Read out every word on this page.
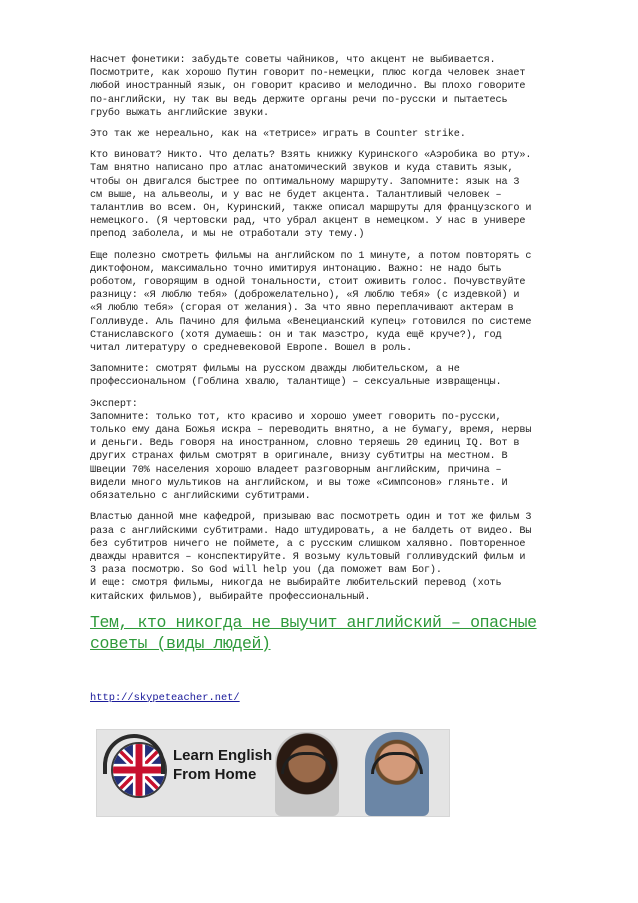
Насчет фонетики: забудьте советы чайников, что акцент не выбивается.
Посмотрите, как хорошо Путин говорит по-немецки, плюс когда человек знает
любой иностранный язык, он говорит красиво и мелодично. Вы плохо говорите
по-английски, ну так вы ведь держите органы речи по-русски и пытаетесь
грубо выжать английские звуки.

Это так же нереально, как на «тетрисе» играть в Counter strike.

Кто виноват? Никто. Что делать? Взять книжку Куринского «Аэробика во рту».
Там внятно написано про атлас анатомический звуков и куда ставить язык,
чтобы он двигался быстрее по оптимальному маршруту. Запомните: язык на 3
см выше, на альвеолы, и у вас не будет акцента. Талантливый человек –
талантлив во всем. Он, Куринский, также описал маршруты для французского и
немецкого. (Я чертовски рад, что убрал акцент в немецком. У нас в универе
препод заболела, и мы не отработали эту тему.)

Еще полезно смотреть фильмы на английском по 1 минуте, а потом повторять с
диктофоном, максимально точно имитируя интонацию. Важно: не надо быть
роботом, говорящим в одной тональности, стоит оживить голос. Почувствуйте
разницу: «Я люблю тебя» (доброжелательно), «Я люблю тебя» (с издевкой) и
«Я люблю тебя» (сгорая от желания). За что явно переплачивают актерам в
Голливуде. Аль Пачино для фильма «Венецианский купец» готовился по системе
Станиславского (хотя думаешь: он и так маэстро, куда ещё круче?), год
читал литературу о средневековой Европе. Вошел в роль.

Запомните: смотрят фильмы на русском дважды любительском, а не
профессиональном (Гоблина хвалю, талантище) – сексуальные извращенцы.

Эксперт:
Запомните: только тот, кто красиво и хорошо умеет говорить по-русски,
только ему дана Божья искра – переводить внятно, а не бумагу, время, нервы
и деньги. Ведь говоря на иностранном, словно теряешь 20 единиц IQ. Вот в
других странах фильм смотрят в оригинале, внизу субтитры на местном. В
Швеции 70% населения хорошо владеет разговорным английским, причина –
видели много мультиков на английском, и вы тоже «Симпсонов» гляньте. И
обязательно с английскими субтитрами.

Властью данной мне кафедрой, призываю вас посмотреть один и тот же фильм 3
раза с английскими субтитрами. Надо штудировать, а не балдеть от видео. Вы
без субтитров ничего не поймете, а с русским слишком халявно. Повторенное
дважды нравится – конспектируйте. Я возьму культовый голливудский фильм и
3 раза посмотрю. So God will help you (да поможет вам Бог).
И еще: смотря фильмы, никогда не выбирайте любительский перевод (хоть
китайских фильмов), выбирайте профессиональный.

Тем, кто никогда не выучит английский – опасные
советы (виды людей)
http://skypeteacher.net/
Learn English
From Home
